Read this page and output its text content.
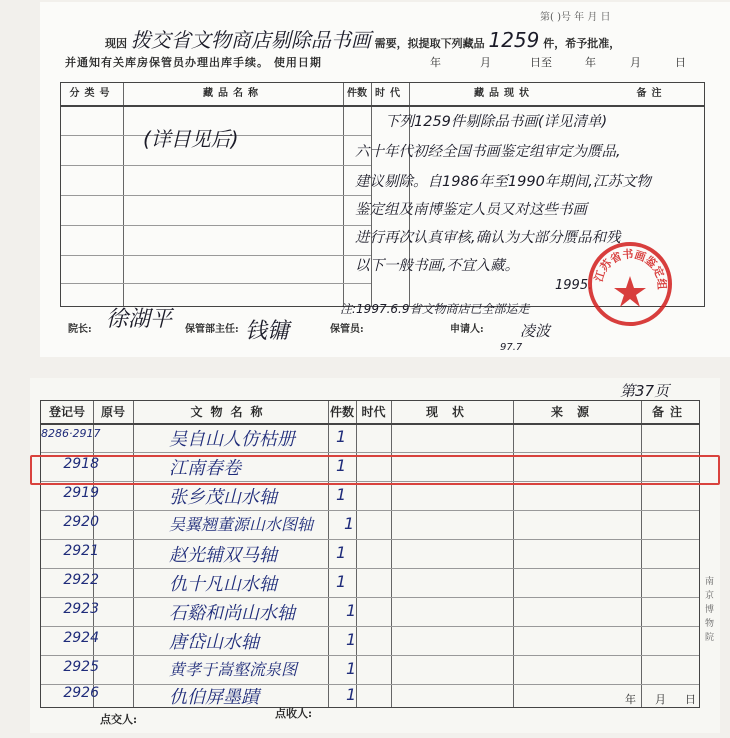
第( )号 年 月 日
现因 拨交省文物商店剔除品书画 需要，拟提取下列藏品 1259 件，希予批准，
并通知有关库房保管员办理出库手续。 使用日期	年	月	日至	年	月	日
分类号	藏品名称	件数 时代	藏品现状	备注
(详目见后)
下列1259件剔除品书画(详见清单)
六十年代初经全国书画鉴定组审定为赝品,
建议剔除。自1986年至1990年期间,江苏文物
鉴定组及南博鉴定人员又对这些书画
进行再次认真审核,确认为大部分赝品和残
以下一般书画,不宜入藏。
1995.
注:1997.6.9省文物商店已全部运走
院长:	保管部主任:	保管员:	申请人:
徐湖平	钱镛	凌波
97.7
江苏省书画鉴定组
第37页
登记号	原号	文物名称	件数 时代	现状	来源	备注
8286·2917	吴自山人仿枯册	1
2918	江南春卷	1
2919	张乡茂山水轴	1
2920	吴翼翘董源山水图轴 1
2921	赵光辅双马轴	1
2922	仇十凡山水轴	1
2923	石谿和尚山水轴	1
2924	唐岱山水轴	1
2925	黄孝于嵩壑流泉图	1
2926	仇伯屏墨蹟	1
点交人:	点收人:
年 月 日
南京博物院
